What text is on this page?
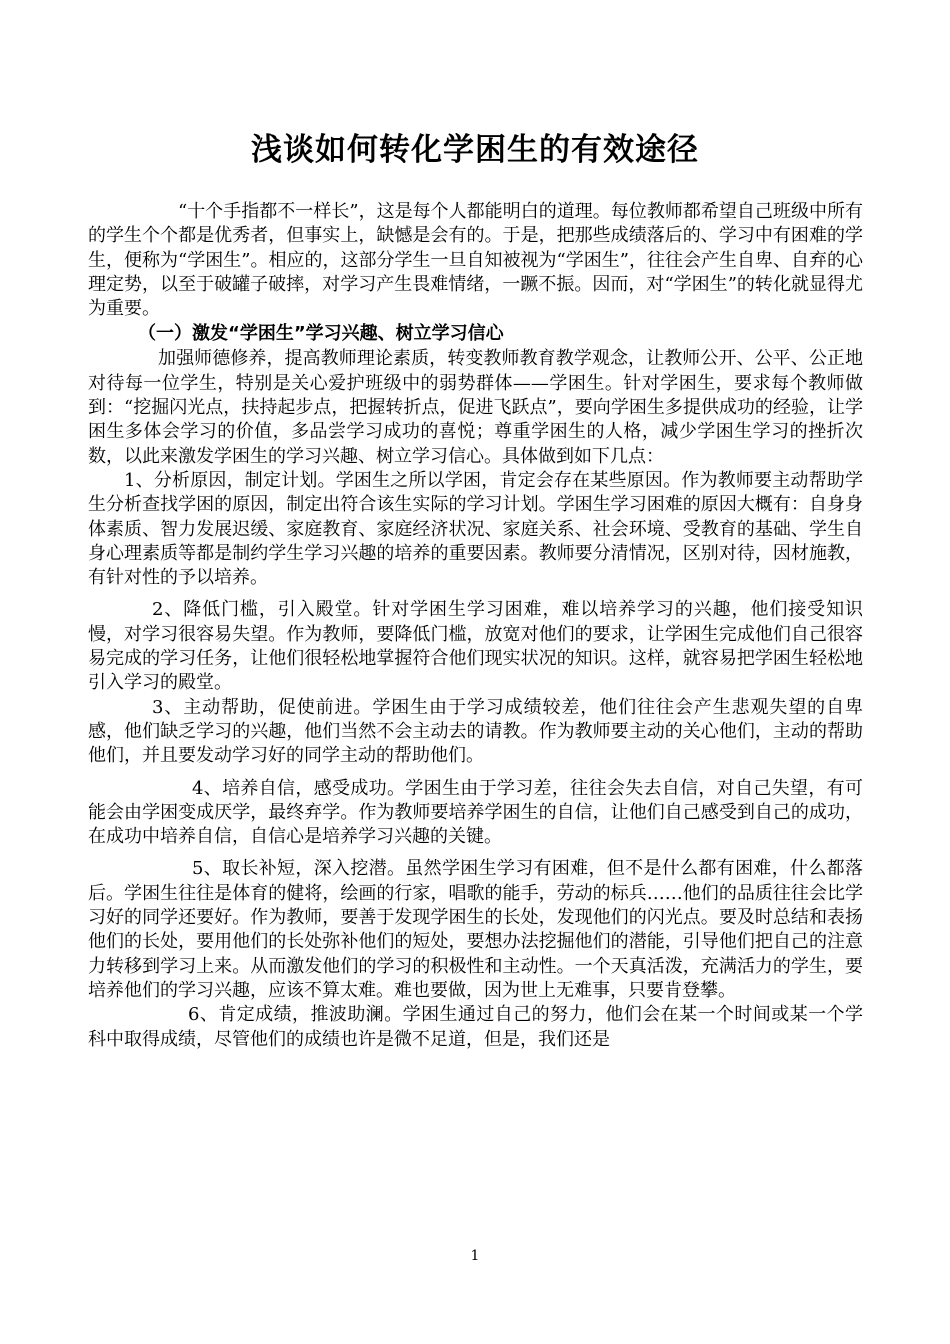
浅谈如何转化学困生的有效途径

“十个手指都不一样长”，这是每个人都能明白的道理。每位教师都希望自己班级中所有的学生个个都是优秀者，但事实上，缺憾是会有的。于是，把那些成绩落后的、学习中有困难的学生，便称为“学困生”。相应的，这部分学生一旦自知被视为“学困生”，往往会产生自卑、自弃的心理定势，以至于破罐子破摔，对学习产生畏难情绪，一蹶不振。因而，对“学困生”的转化就显得尤为重要。

（一）激发“学困生”学习兴趣、树立学习信心

加强师德修养，提高教师理论素质，转变教师教育教学观念，让教师公开、公平、公正地对待每一位学生，特别是关心爱护班级中的弱势群体——学困生。针对学困生，要求每个教师做到：“挖掘闪光点，扶持起步点，把握转折点，促进飞跃点”，要向学困生多提供成功的经验，让学困生多体会学习的价值，多品尝学习成功的喜悦；尊重学困生的人格，减少学困生学习的挫折次数，以此来激发学困生的学习兴趣、树立学习信心。具体做到如下几点：

1、分析原因，制定计划。学困生之所以学困，肯定会存在某些原因。作为教师要主动帮助学生分析查找学困的原因，制定出符合该生实际的学习计划。学困生学习困难的原因大概有：自身身体素质、智力发展迟缓、家庭教育、家庭经济状况、家庭关系、社会环境、受教育的基础、学生自身心理素质等都是制约学生学习兴趣的培养的重要因素。教师要分清情况，区别对待，因材施教，有针对性的予以培养。

2、降低门槛，引入殿堂。针对学困生学习困难，难以培养学习的兴趣，他们接受知识慢，对学习很容易失望。作为教师，要降低门槛，放宽对他们的要求，让学困生完成他们自己很容易完成的学习任务，让他们很轻松地掌握符合他们现实状况的知识。这样，就容易把学困生轻松地引入学习的殿堂。

3、主动帮助，促使前进。学困生由于学习成绩较差，他们往往会产生悲观失望的自卑感，他们缺乏学习的兴趣，他们当然不会主动去的请教。作为教师要主动的关心他们，主动的帮助他们，并且要发动学习好的同学主动的帮助他们。

4、培养自信，感受成功。学困生由于学习差，往往会失去自信，对自己失望，有可能会由学困变成厌学，最终弃学。作为教师要培养学困生的自信，让他们自己感受到自己的成功，在成功中培养自信，自信心是培养学习兴趣的关键。

5、取长补短，深入挖潜。虽然学困生学习有困难，但不是什么都有困难，什么都落后。学困生往往是体育的健将，绘画的行家，唱歌的能手，劳动的标兵……他们的品质往往会比学习好的同学还要好。作为教师，要善于发现学困生的长处，发现他们的闪光点。要及时总结和表扬他们的长处，要用他们的长处弥补他们的短处，要想办法挖掘他们的潜能，引导他们把自己的注意力转移到学习上来。从而激发他们的学习的积极性和主动性。一个天真活泼，充满活力的学生，要培养他们的学习兴趣，应该不算太难。难也要做，因为世上无难事，只要肯登攀。

6、肯定成绩，推波助澜。学困生通过自己的努力，他们会在某一个时间或某一个学科中取得成绩，尽管他们的成绩也许是微不足道，但是，我们还是

1
